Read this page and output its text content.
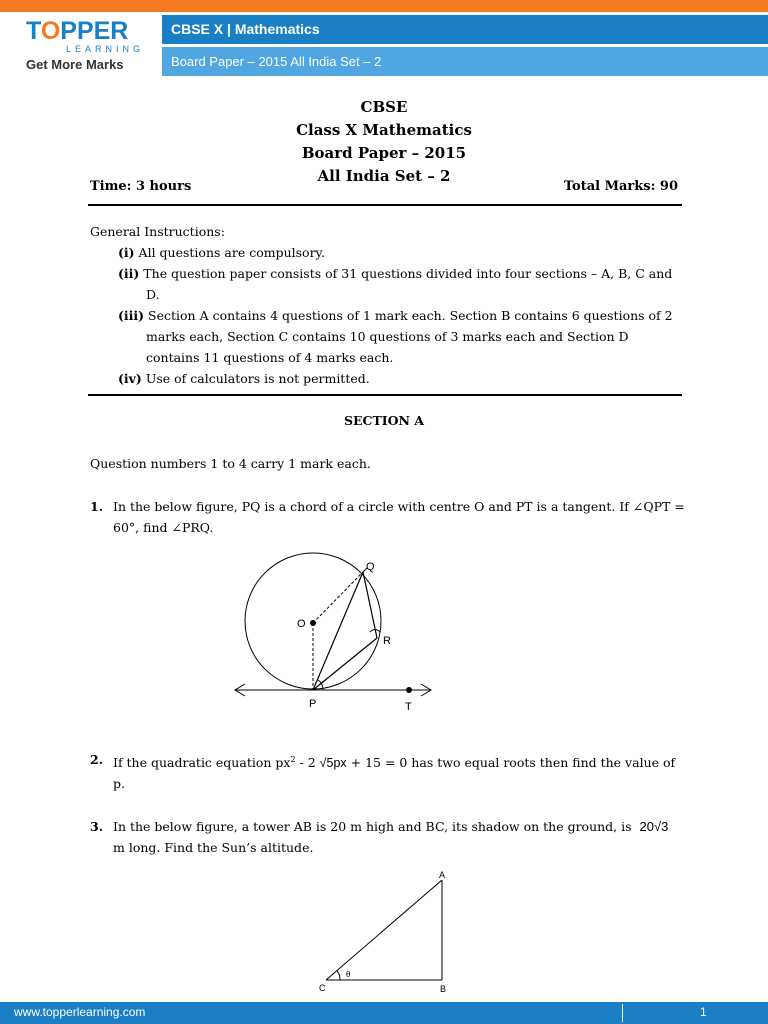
TOPPER
LEARNING
Get More Marks
CBSE X | Mathematics
Board Paper – 2015 All India Set – 2
CBSE
Class X Mathematics
Board Paper – 2015
All India Set – 2
Time: 3 hours	Total Marks: 90
General Instructions:
(i) All questions are compulsory.
(ii) The question paper consists of 31 questions divided into four sections – A, B, C and
D.
(iii) Section A contains 4 questions of 1 mark each. Section B contains 6 questions of 2
marks each, Section C contains 10 questions of 3 marks each and Section D
contains 11 questions of 4 marks each.
(iv) Use of calculators is not permitted.
SECTION A
Question numbers 1 to 4 carry 1 mark each.
1. In the below figure, PQ is a chord of a circle with centre O and PT is a tangent. If ∠QPT =
60°, find ∠PRQ.
O
Q
R
P	T
2. If the quadratic equation $px^2 - 2$ √5px + 15 = 0 has two equal roots then find the value of
p.
3. In the below figure, a tower AB is 20 m high and BC, its shadow on the ground, is 20√3
m long. Find the Sun’s altitude.
A
B
C
θ
www.topperlearning.com	1
